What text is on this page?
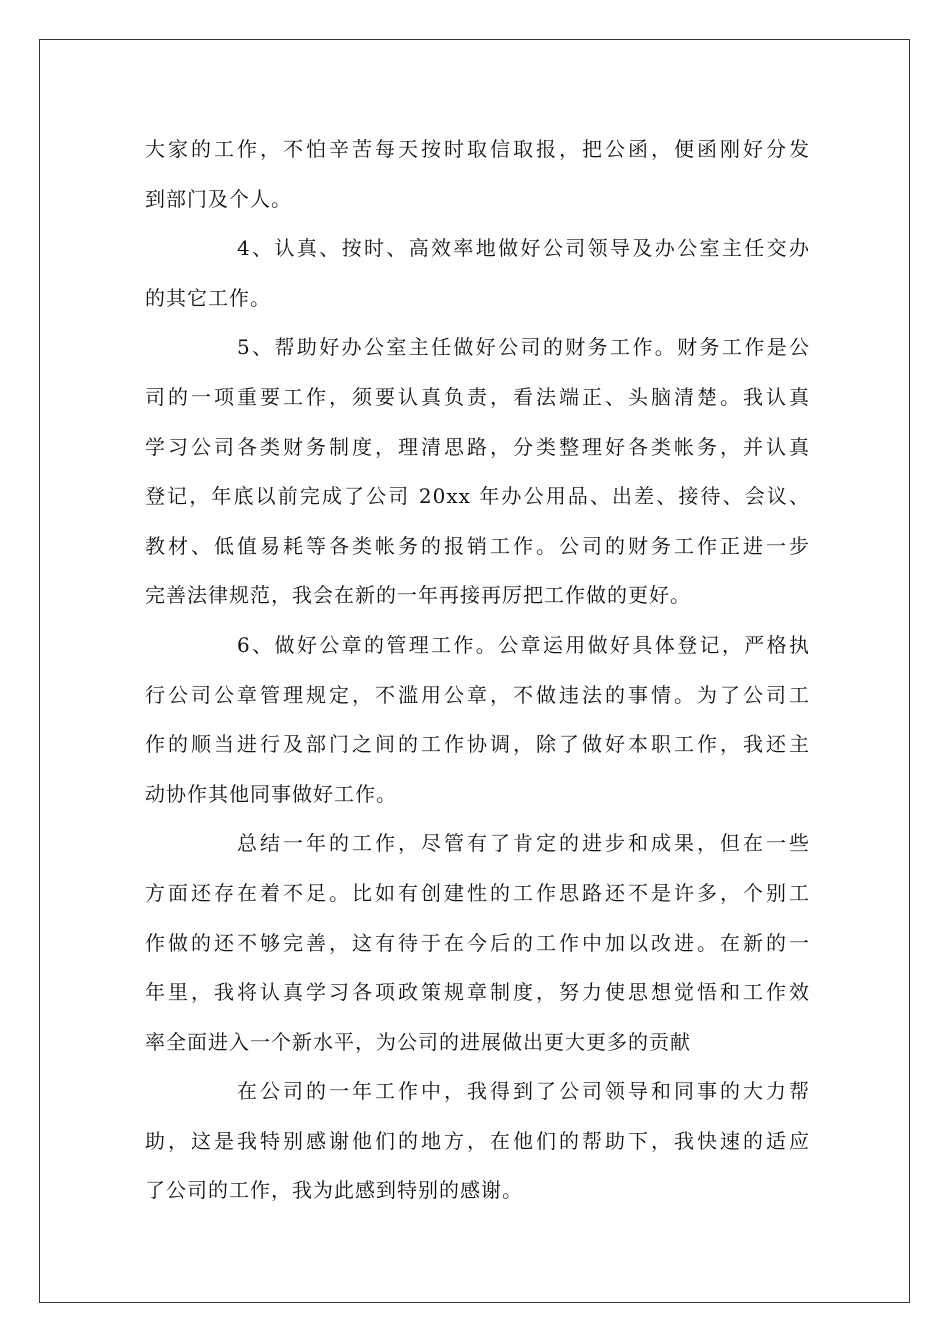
大家的工作，不怕辛苦每天按时取信取报，把公函，便函刚好分发
到部门及个人。
4、认真、按时、高效率地做好公司领导及办公室主任交办
的其它工作。
5、帮助好办公室主任做好公司的财务工作。财务工作是公
司的一项重要工作，须要认真负责，看法端正、头脑清楚。我认真
学习公司各类财务制度，理清思路，分类整理好各类帐务，并认真
登记，年底以前完成了公司 20xx 年办公用品、出差、接待、会议、
教材、低值易耗等各类帐务的报销工作。公司的财务工作正进一步
完善法律规范，我会在新的一年再接再厉把工作做的更好。
6、做好公章的管理工作。公章运用做好具体登记，严格执
行公司公章管理规定，不滥用公章，不做违法的事情。为了公司工
作的顺当进行及部门之间的工作协调，除了做好本职工作，我还主
动协作其他同事做好工作。
总结一年的工作，尽管有了肯定的进步和成果，但在一些
方面还存在着不足。比如有创建性的工作思路还不是许多，个别工
作做的还不够完善，这有待于在今后的工作中加以改进。在新的一
年里，我将认真学习各项政策规章制度，努力使思想觉悟和工作效
率全面进入一个新水平，为公司的进展做出更大更多的贡献
在公司的一年工作中，我得到了公司领导和同事的大力帮
助，这是我特别感谢他们的地方，在他们的帮助下，我快速的适应
了公司的工作，我为此感到特别的感谢。
